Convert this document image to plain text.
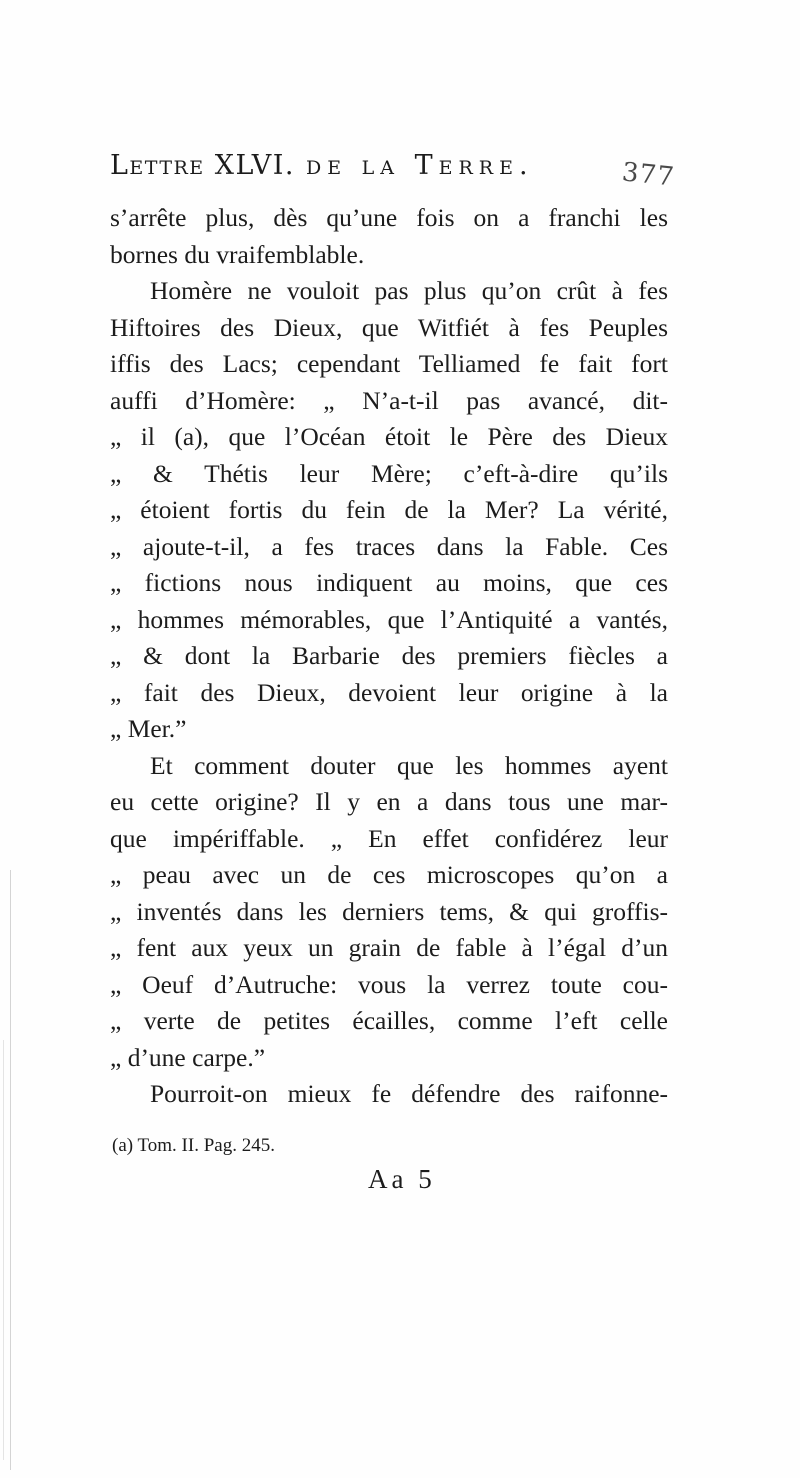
Lettre XLVI. de la Terre.	377
s’arrête plus, dès qu’une fois on a franchi les
bornes du vraifemblable.
Homère ne vouloit pas plus qu’on crût à fes
Hiftoires des Dieux, que Witfiét à fes Peuples
iffis des Lacs; cependant Telliamed fe fait fort
auffi d’Homère: „ N’a-t-il pas avancé, dit-
„ il (a), que l’Océan étoit le Père des Dieux
„ & Thétis leur Mère; c’eft-à-dire qu’ils
„ étoient fortis du fein de la Mer? La vérité,
„ ajoute-t-il, a fes traces dans la Fable. Ces
„ fictions nous indiquent au moins, que ces
„ hommes mémorables, que l’Antiquité a vantés,
„ & dont la Barbarie des premiers fiècles a
„ fait des Dieux, devoient leur origine à la
„ Mer.”
Et comment douter que les hommes ayent
eu cette origine? Il y en a dans tous une mar-
que impériffable. „ En effet confidérez leur
„ peau avec un de ces microscopes qu’on a
„ inventés dans les derniers tems, & qui groffis-
„ fent aux yeux un grain de fable à l’égal d’un
„ Oeuf d’Autruche: vous la verrez toute cou-
„ verte de petites écailles, comme l’eft celle
„ d’une carpe.”
Pourroit-on mieux fe défendre des raifonne-
(a) Tom. II. Pag. 245.
Aa 5
